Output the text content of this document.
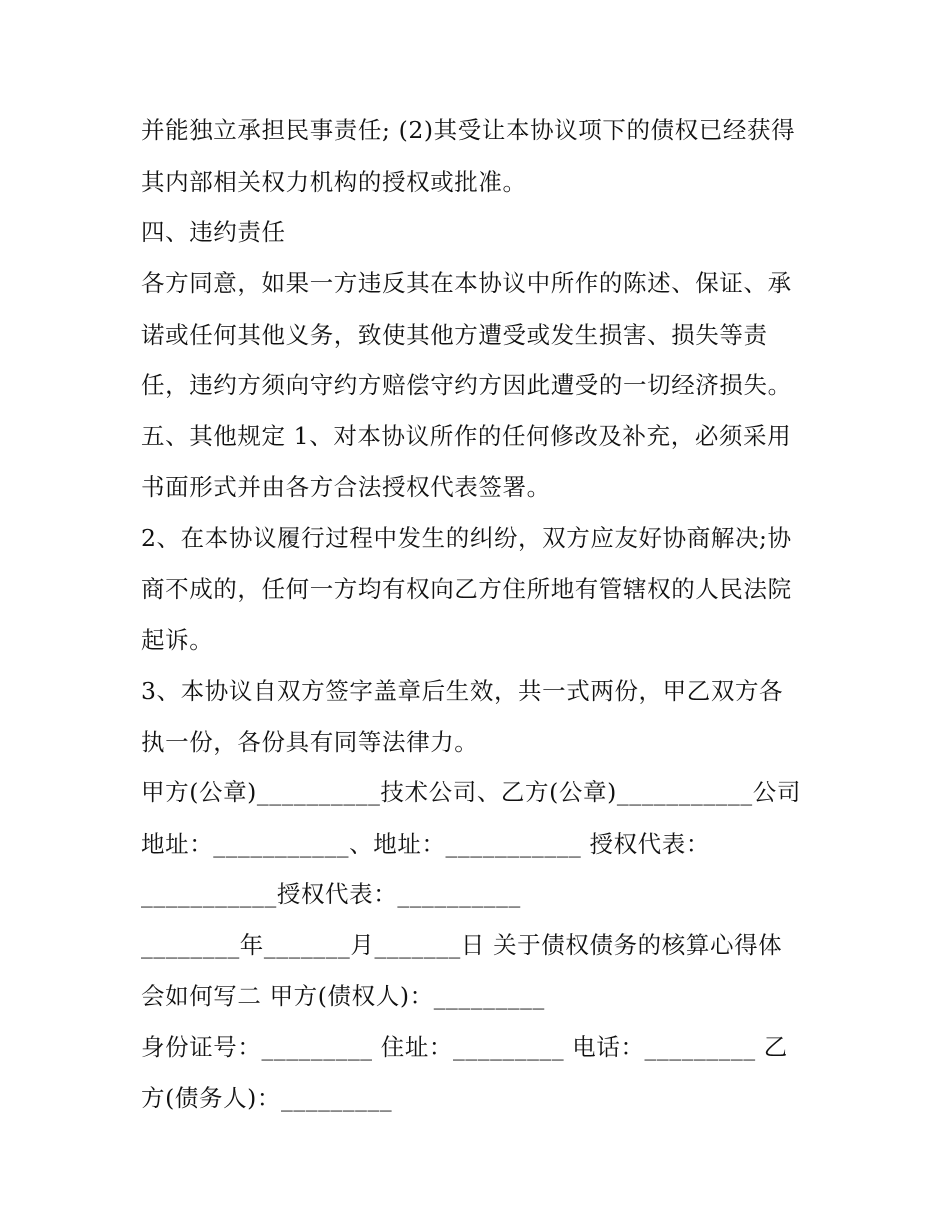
并能独立承担民事责任; (2)其受让本协议项下的债权已经获得
其内部相关权力机构的授权或批准。
四、违约责任
各方同意，如果一方违反其在本协议中所作的陈述、保证、承
诺或任何其他义务，致使其他方遭受或发生损害、损失等责
任，违约方须向守约方赔偿守约方因此遭受的一切经济损失。
五、其他规定 1、对本协议所作的任何修改及补充，必须采用
书面形式并由各方合法授权代表签署。
2、在本协议履行过程中发生的纠纷，双方应友好协商解决;协
商不成的，任何一方均有权向乙方住所地有管辖权的人民法院
起诉。
3、本协议自双方签字盖章后生效，共一式两份，甲乙双方各
执一份，各份具有同等法律力。
甲方(公章)__________技术公司、乙方(公章)___________公司
地址：___________、地址：___________ 授权代表：
___________授权代表：__________
________年_______月_______日 关于债权债务的核算心得体
会如何写二 甲方(债权人)：_________
身份证号：_________ 住址：_________ 电话：_________ 乙
方(债务人)：_________
